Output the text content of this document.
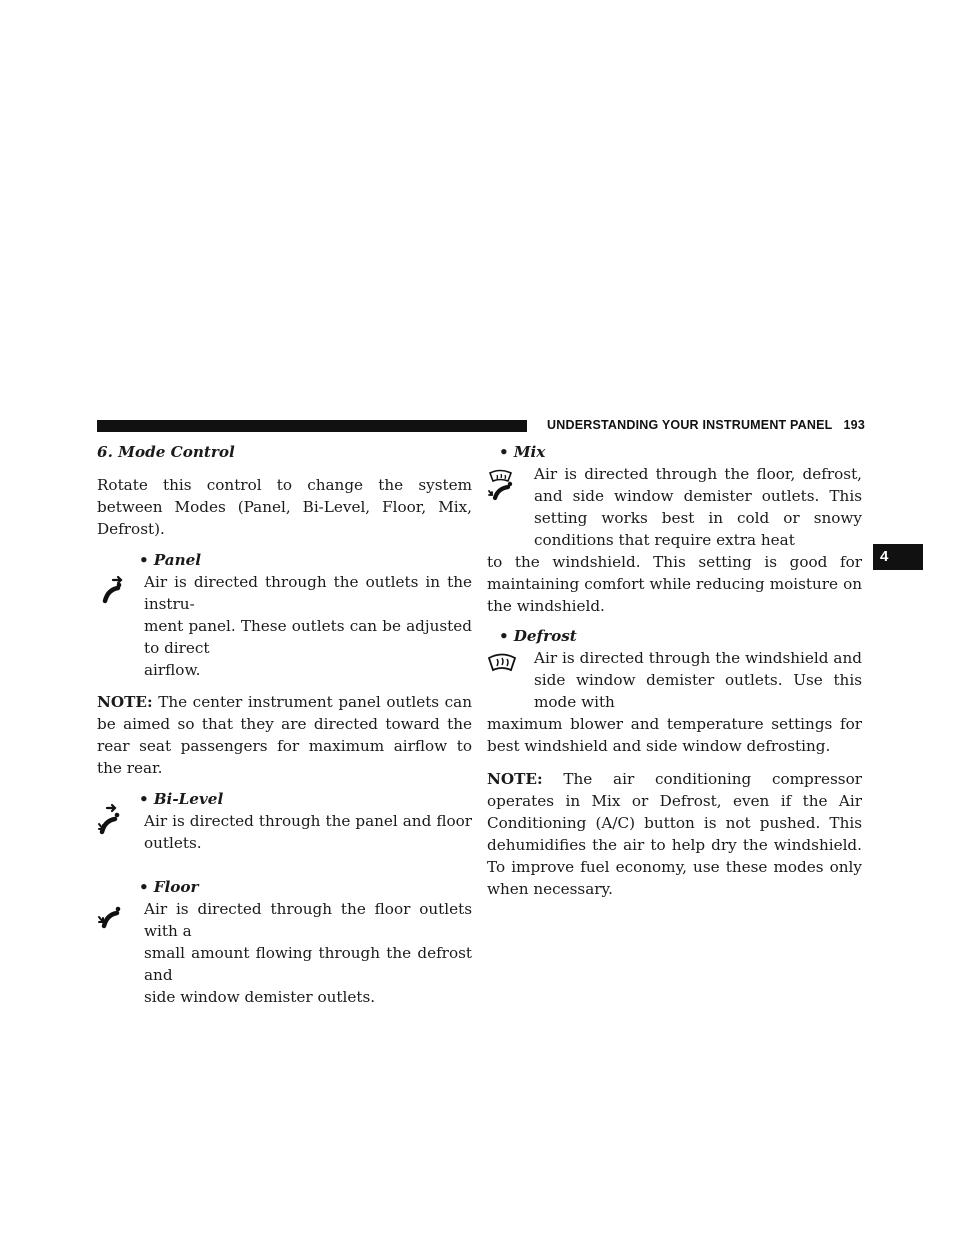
UNDERSTANDING YOUR INSTRUMENT PANEL 193
4

6. Mode Control

Rotate this control to change the system between Modes (Panel, Bi-Level, Floor, Mix, Defrost).

• Panel

Air is directed through the outlets in the instru-

ment panel. These outlets can be adjusted to direct

airflow.

NOTE: The center instrument panel outlets can be aimed so that they are directed toward the rear seat passengers for maximum airflow to the rear.

• Bi-Level

Air is directed through the panel and floor outlets.

• Floor

Air is directed through the floor outlets with a

small amount flowing through the defrost and

side window demister outlets.

• Mix

Air is directed through the floor, defrost, and side window demister outlets. This setting works best in cold or snowy conditions that require extra heat

to the windshield. This setting is good for maintaining comfort while reducing moisture on the windshield.

• Defrost

Air is directed through the windshield and side window demister outlets. Use this mode with

maximum blower and temperature settings for best windshield and side window defrosting.

NOTE: The air conditioning compressor operates in Mix or Defrost, even if the Air Conditioning (A/C) button is not pushed. This dehumidifies the air to help dry the windshield. To improve fuel economy, use these modes only when necessary.
